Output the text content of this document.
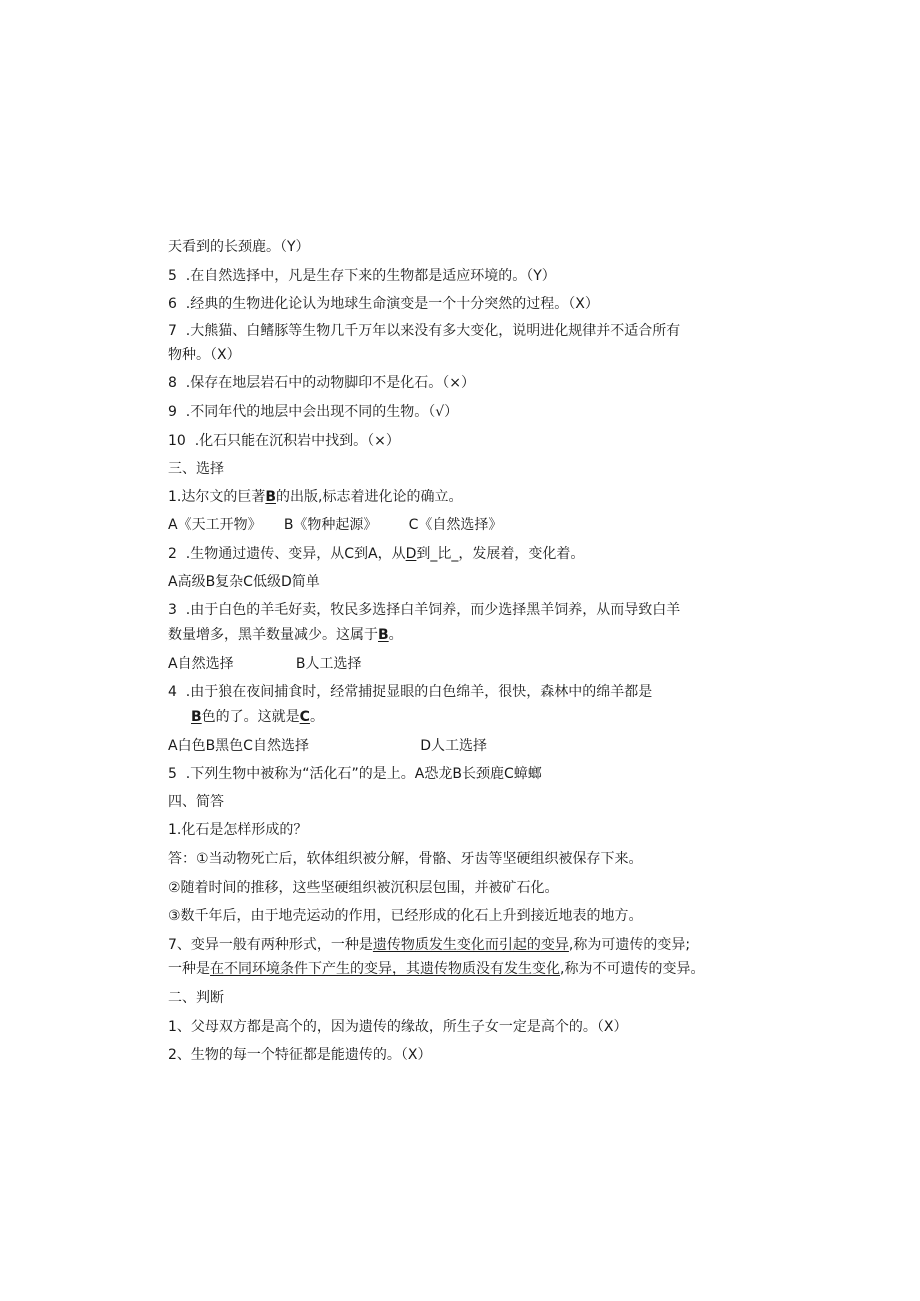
天看到的长颈鹿。（Y）
5  .在自然选择中，凡是生存下来的生物都是适应环境的。（Y）
6  .经典的生物进化论认为地球生命演变是一个十分突然的过程。（X）
7  .大熊猫、白鳍豚等生物几千万年以来没有多大变化，说明进化规律并不适合所有
物种。（X）
8  .保存在地层岩石中的动物脚印不是化石。（×）
9  .不同年代的地层中会出现不同的生物。（√）
10  .化石只能在沉积岩中找到。（×）
三、选择
1.达尔文的巨著B的出版,标志着进化论的确立。
A《天工开物》     B《物种起源》       C《自然选择》
2  .生物通过遗传、变异，从C到A，从D到_比_，发展着，变化着。
A高级B复杂C低级D简单
3  .由于白色的羊毛好卖，牧民多选择白羊饲养，而少选择黑羊饲养，从而导致白羊
数量增多，黑羊数量减少。这属于B。
A自然选择              B人工选择
4  .由于狼在夜间捕食时，经常捕捉显眼的白色绵羊，很快，森林中的绵羊都是
B色的了。这就是C。
A白色B黑色C自然选择                         D人工选择
5  .下列生物中被称为“活化石”的是上。A恐龙B长颈鹿C蟑螂
四、简答
1.化石是怎样形成的？
答：①当动物死亡后，软体组织被分解，骨骼、牙齿等坚硬组织被保存下来。
②随着时间的推移，这些坚硬组织被沉积层包围，并被矿石化。
③数千年后，由于地壳运动的作用，已经形成的化石上升到接近地表的地方。
7、变异一般有两种形式，一种是遗传物质发生变化而引起的变异,称为可遗传的变异;
一种是在不同环境条件下产生的变异，其遗传物质没有发生变化,称为不可遗传的变异。
二、判断
1、父母双方都是高个的，因为遗传的缘故，所生子女一定是高个的。（X）
2、生物的每一个特征都是能遗传的。（X）
